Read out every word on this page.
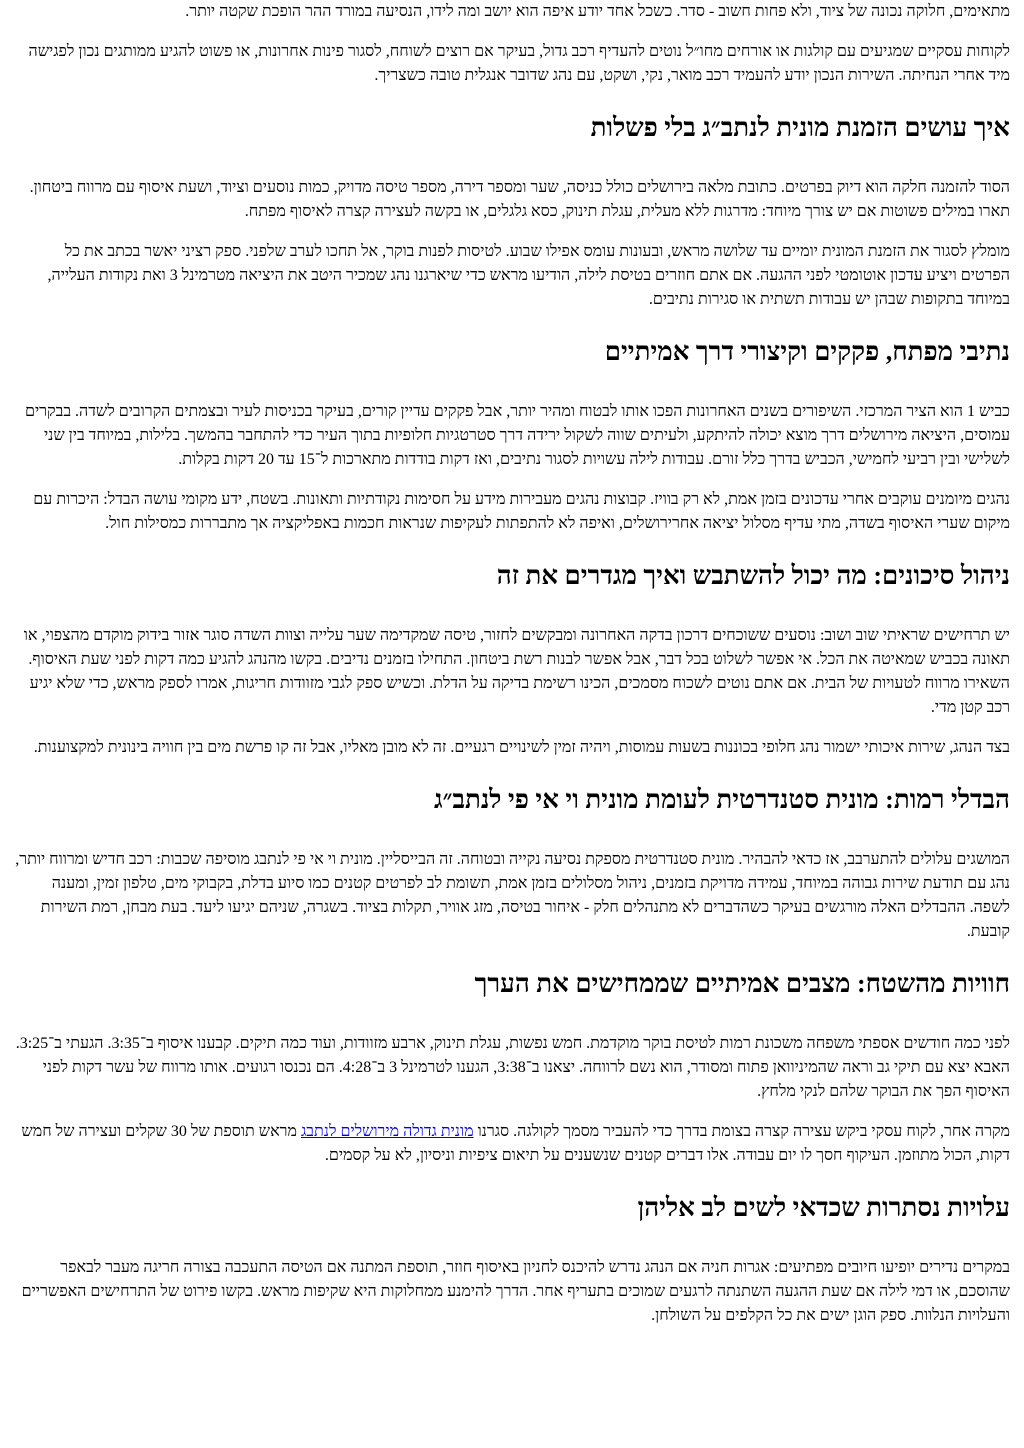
מתאימים, חלוקה נכונה של ציוד, ולא פחות חשוב - סדר. כשכל אחד יודע איפה הוא יושב ומה לידו, הנסיעה במורד ההר הופכת שקטה יותר.

לקוחות עסקיים שמגיעים עם קולגות או אורחים מחו״ל נוטים להעדיף רכב גדול, בעיקר אם רוצים לשוחח, לסגור פינות אחרונות, או פשוט להגיע ממותגים נכון לפגישה מיד אחרי הנחיתה. השירות הנכון יודע להעמיד רכב מואר, נקי, ושקט, עם נהג שדובר אנגלית טובה כשצריך.

איך עושים הזמנת מונית לנתב״ג בלי פשלות

הסוד להזמנה חלקה הוא דיוק בפרטים. כתובת מלאה בירושלים כולל כניסה, שער ומספר דירה, מספר טיסה מדויק, כמות נוסעים וציוד, ושעת איסוף עם מרווח ביטחון. תארו במילים פשוטות אם יש צורך מיוחד: מדרגות ללא מעלית, עגלת תינוק, כסא גלגלים, או בקשה לעצירה קצרה לאיסוף מפתח.

מומלץ לסגור את הזמנת המונית יומיים עד שלושה מראש, ובעונות עומס אפילו שבוע. לטיסות לפנות בוקר, אל תחכו לערב שלפני. ספק רציני יאשר בכתב את כל הפרטים ויציע עדכון אוטומטי לפני ההגעה. אם אתם חוזרים בטיסת לילה, הודיעו מראש כדי שיארגנו נהג שמכיר היטב את היציאה מטרמינל 3 ואת נקודות העלייה, במיוחד בתקופות שבהן יש עבודות תשתית או סגירות נתיבים.

נתיבי מפתח, פקקים וקיצורי דרך אמיתיים

כביש 1 הוא הציר המרכזי. השיפורים בשנים האחרונות הפכו אותו לבטוח ומהיר יותר, אבל פקקים עדיין קורים, בעיקר בכניסות לעיר ובצמתים הקרובים לשדה. בבקרים עמוסים, היציאה מירושלים דרך מוצא יכולה להיתקע, ולעיתים שווה לשקול ירידה דרך סטרטגיות חלופיות בתוך העיר כדי להתחבר בהמשך. בלילות, במיוחד בין שני לשלישי ובין רביעי לחמישי, הכביש בדרך כלל זורם. עבודות לילה עשויות לסגור נתיבים, ואז דקות בודדות מתארכות ל־15 עד 20 דקות בקלות.

נהגים מיומנים עוקבים אחרי עדכונים בזמן אמת, לא רק בוויז. קבוצות נהגים מעבירות מידע על חסימות נקודתיות ותאונות. בשטח, ידע מקומי עושה הבדל: היכרות עם מיקום שערי האיסוף בשדה, מתי עדיף מסלול יציאה אחרירושלים, ואיפה לא להתפתות לעקיפות שנראות חכמות באפליקציה אך מתבררות כמסילות חול.

ניהול סיכונים: מה יכול להשתבש ואיך מגדרים את זה

יש תרחישים שראיתי שוב ושוב: נוסעים ששוכחים דרכון בדקה האחרונה ומבקשים לחזור, טיסה שמקדימה שער עלייה וצוות השדה סוגר אזור בידוק מוקדם מהצפוי, או תאונה בכביש שמאיטה את הכל. אי אפשר לשלוט בכל דבר, אבל אפשר לבנות רשת ביטחון. התחילו בזמנים נדיבים. בקשו מהנהג להגיע כמה דקות לפני שעת האיסוף. השאירו מרווח לטעויות של הבית. אם אתם נוטים לשכוח מסמכים, הכינו רשימת בדיקה על הדלת. וכשיש ספק לגבי מזוודות חריגות, אמרו לספק מראש, כדי שלא יגיע רכב קטן מדי.

בצד הנהג, שירות איכותי ישמור נהג חלופי בכוננות בשעות עמוסות, ויהיה זמין לשינויים רגעיים. זה לא מובן מאליו, אבל זה קו פרשת מים בין חוויה בינונית למקצוענות.

הבדלי רמות: מונית סטנדרטית לעומת מונית וי אי פי לנתב״ג

המושגים עלולים להתערבב, אז כדאי להבהיר. מונית סטנדרטית מספקת נסיעה נקייה ובטוחה. זה הבייסליין. מונית וי אי פי לנתבג מוסיפה שכבות: רכב חדיש ומרווח יותר, נהג עם תודעת שירות גבוהה במיוחד, עמידה מדויקת בזמנים, ניהול מסלולים בזמן אמת, תשומת לב לפרטים קטנים כמו סיוע בדלת, בקבוקי מים, טלפון זמין, ומענה לשפה. ההבדלים האלה מורגשים בעיקר כשהדברים לא מתנהלים חלק - איחור בטיסה, מזג אוויר, תקלות בציוד. בשגרה, שניהם יגיעו ליעד. בעת מבחן, רמת השירות קובעת.

חוויות מהשטח: מצבים אמיתיים שממחישים את הערך

לפני כמה חודשים אספתי משפחה משכונת רמות לטיסת בוקר מוקדמת. חמש נפשות, עגלת תינוק, ארבע מזוודות, ועוד כמה תיקים. קבענו איסוף ב־3:35. הגעתי ב־3:25. האבא יצא עם תיקי גב וראה שהמיניוואן פתוח ומסודר, הוא נשם לרווחה. יצאנו ב־3:38, הגענו לטרמינל 3 ב־4:28. הם נכנסו רגועים. אותו מרווח של עשר דקות לפני האיסוף הפך את הבוקר שלהם לנקי מלחץ.

מקרה אחר, לקוח עסקי ביקש עצירה קצרה בצומת בדרך כדי להעביר מסמך לקולגה. סגרנו מונית גדולה מירושלים לנתבג מראש תוספת של 30 שקלים ועצירה של חמש דקות, הכול מתוזמן. העיקוף חסך לו יום עבודה. אלו דברים קטנים שנשענים על תיאום ציפיות וניסיון, לא על קסמים.

עלויות נסתרות שכדאי לשים לב אליהן

במקרים נדירים יופיעו חיובים מפתיעים: אגרות חניה אם הנהג נדרש להיכנס לחניון באיסוף חוזר, תוספת המתנה אם הטיסה התעכבה בצורה חריגה מעבר לבאפר שהוסכם, או דמי לילה אם שעת ההגעה השתנתה לרגעים שמוכים בתעריף אחר. הדרך להימנע ממחלוקות היא שקיפות מראש. בקשו פירוט של התרחישים האפשריים והעלויות הנלוות. ספק הוגן ישים את כל הקלפים על השולחן.
